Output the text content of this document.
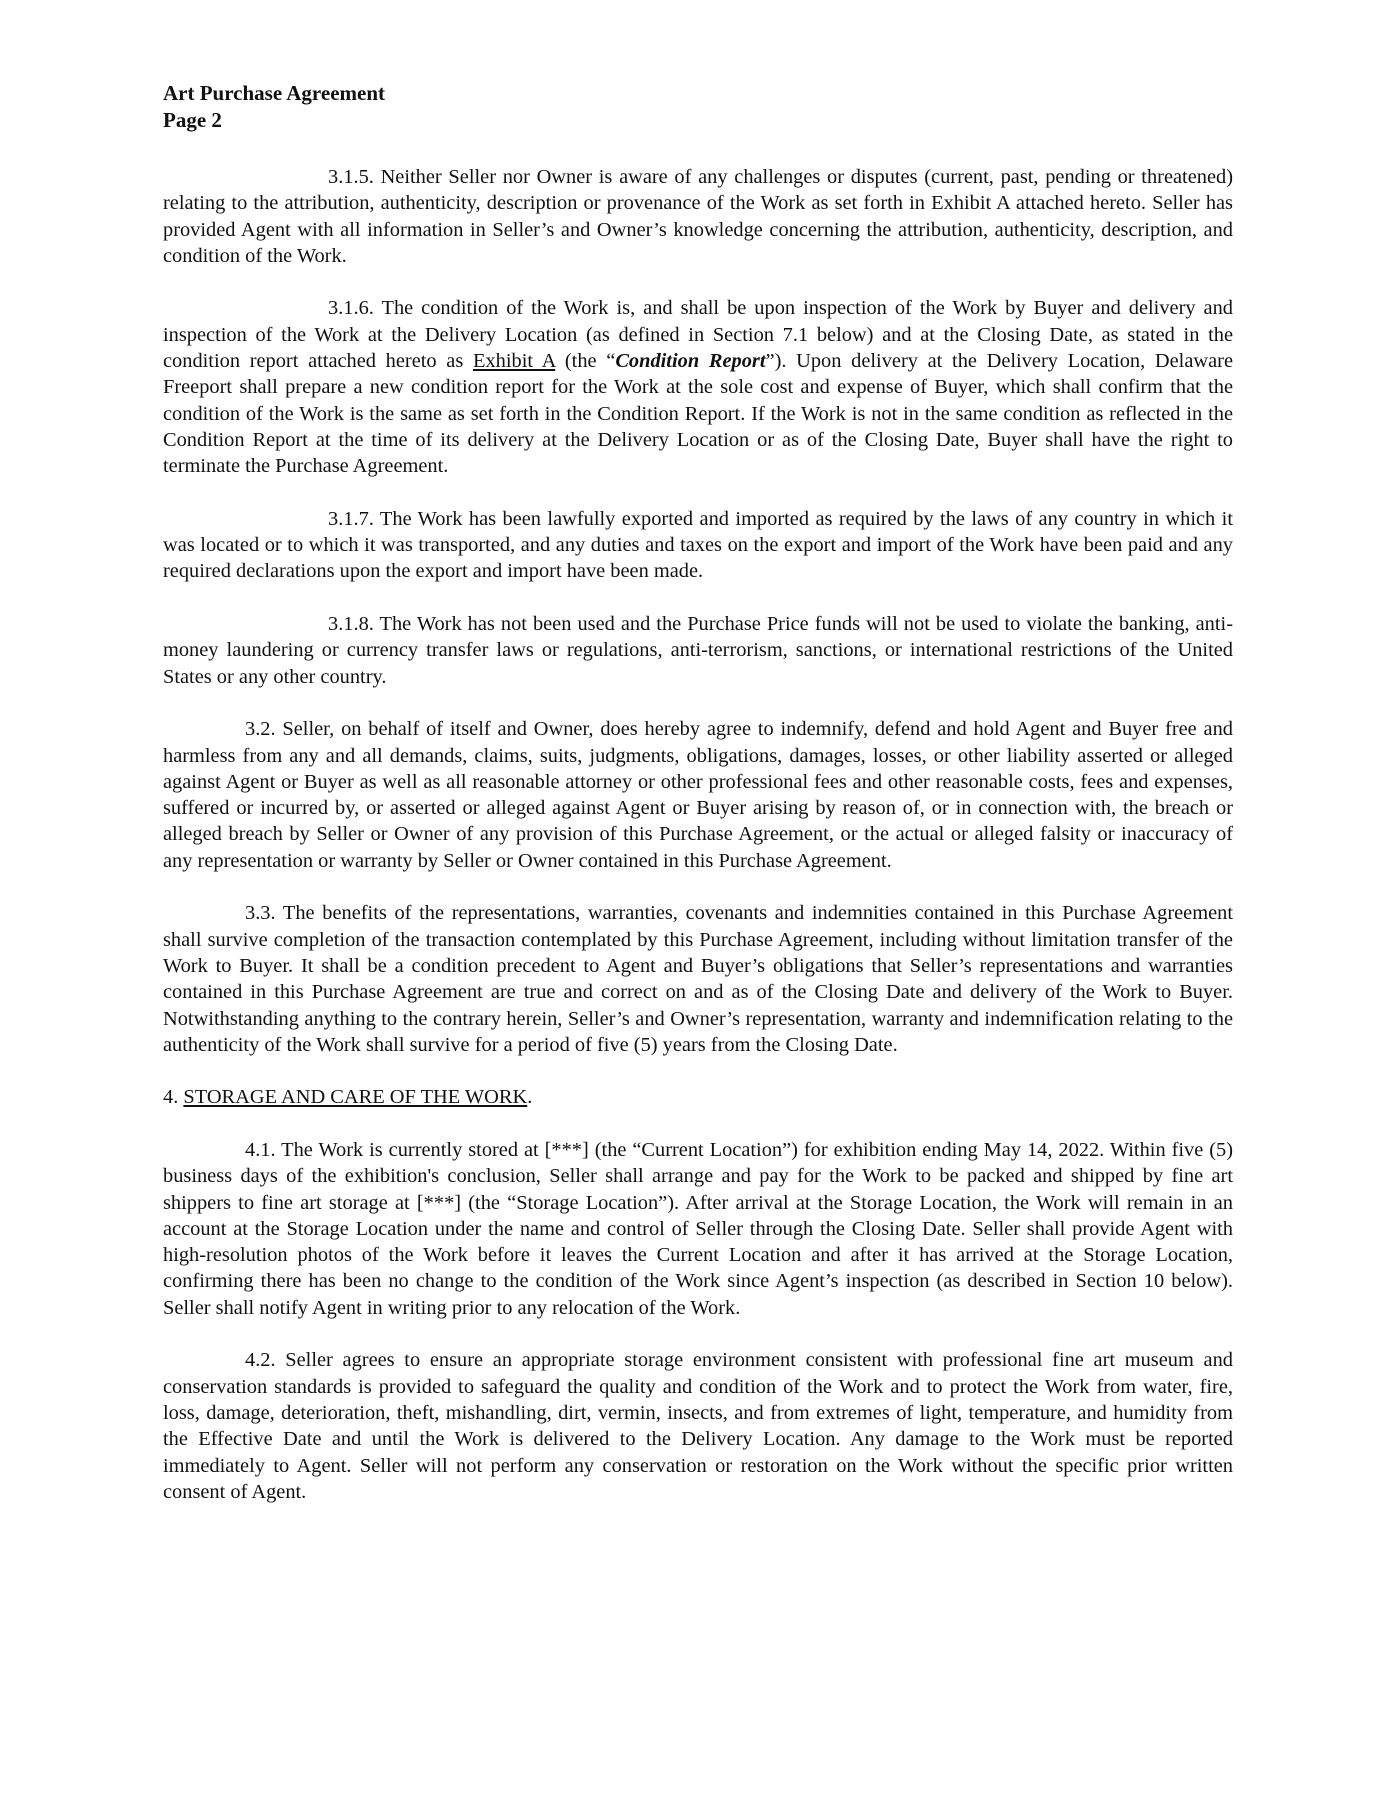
Art Purchase Agreement
Page 2

3.1.5. Neither Seller nor Owner is aware of any challenges or disputes (current, past, pending or threatened) relating to the attribution, authenticity, description or provenance of the Work as set forth in Exhibit A attached hereto. Seller has provided Agent with all information in Seller’s and Owner’s knowledge concerning the attribution, authenticity, description, and condition of the Work.

3.1.6. The condition of the Work is, and shall be upon inspection of the Work by Buyer and delivery and inspection of the Work at the Delivery Location (as defined in Section 7.1 below) and at the Closing Date, as stated in the condition report attached hereto as Exhibit A (the “Condition Report”). Upon delivery at the Delivery Location, Delaware Freeport shall prepare a new condition report for the Work at the sole cost and expense of Buyer, which shall confirm that the condition of the Work is the same as set forth in the Condition Report. If the Work is not in the same condition as reflected in the Condition Report at the time of its delivery at the Delivery Location or as of the Closing Date, Buyer shall have the right to terminate the Purchase Agreement.

3.1.7. The Work has been lawfully exported and imported as required by the laws of any country in which it was located or to which it was transported, and any duties and taxes on the export and import of the Work have been paid and any required declarations upon the export and import have been made.

3.1.8. The Work has not been used and the Purchase Price funds will not be used to violate the banking, anti-money laundering or currency transfer laws or regulations, anti-terrorism, sanctions, or international restrictions of the United States or any other country.

3.2. Seller, on behalf of itself and Owner, does hereby agree to indemnify, defend and hold Agent and Buyer free and harmless from any and all demands, claims, suits, judgments, obligations, damages, losses, or other liability asserted or alleged against Agent or Buyer as well as all reasonable attorney or other professional fees and other reasonable costs, fees and expenses, suffered or incurred by, or asserted or alleged against Agent or Buyer arising by reason of, or in connection with, the breach or alleged breach by Seller or Owner of any provision of this Purchase Agreement, or the actual or alleged falsity or inaccuracy of any representation or warranty by Seller or Owner contained in this Purchase Agreement.

3.3. The benefits of the representations, warranties, covenants and indemnities contained in this Purchase Agreement shall survive completion of the transaction contemplated by this Purchase Agreement, including without limitation transfer of the Work to Buyer. It shall be a condition precedent to Agent and Buyer’s obligations that Seller’s representations and warranties contained in this Purchase Agreement are true and correct on and as of the Closing Date and delivery of the Work to Buyer. Notwithstanding anything to the contrary herein, Seller’s and Owner’s representation, warranty and indemnification relating to the authenticity of the Work shall survive for a period of five (5) years from the Closing Date.

4. STORAGE AND CARE OF THE WORK.

4.1. The Work is currently stored at [***] (the “Current Location”) for exhibition ending May 14, 2022. Within five (5) business days of the exhibition's conclusion, Seller shall arrange and pay for the Work to be packed and shipped by fine art shippers to fine art storage at [***] (the “Storage Location”). After arrival at the Storage Location, the Work will remain in an account at the Storage Location under the name and control of Seller through the Closing Date. Seller shall provide Agent with high-resolution photos of the Work before it leaves the Current Location and after it has arrived at the Storage Location, confirming there has been no change to the condition of the Work since Agent’s inspection (as described in Section 10 below). Seller shall notify Agent in writing prior to any relocation of the Work.

4.2. Seller agrees to ensure an appropriate storage environment consistent with professional fine art museum and conservation standards is provided to safeguard the quality and condition of the Work and to protect the Work from water, fire, loss, damage, deterioration, theft, mishandling, dirt, vermin, insects, and from extremes of light, temperature, and humidity from the Effective Date and until the Work is delivered to the Delivery Location. Any damage to the Work must be reported immediately to Agent. Seller will not perform any conservation or restoration on the Work without the specific prior written consent of Agent.
